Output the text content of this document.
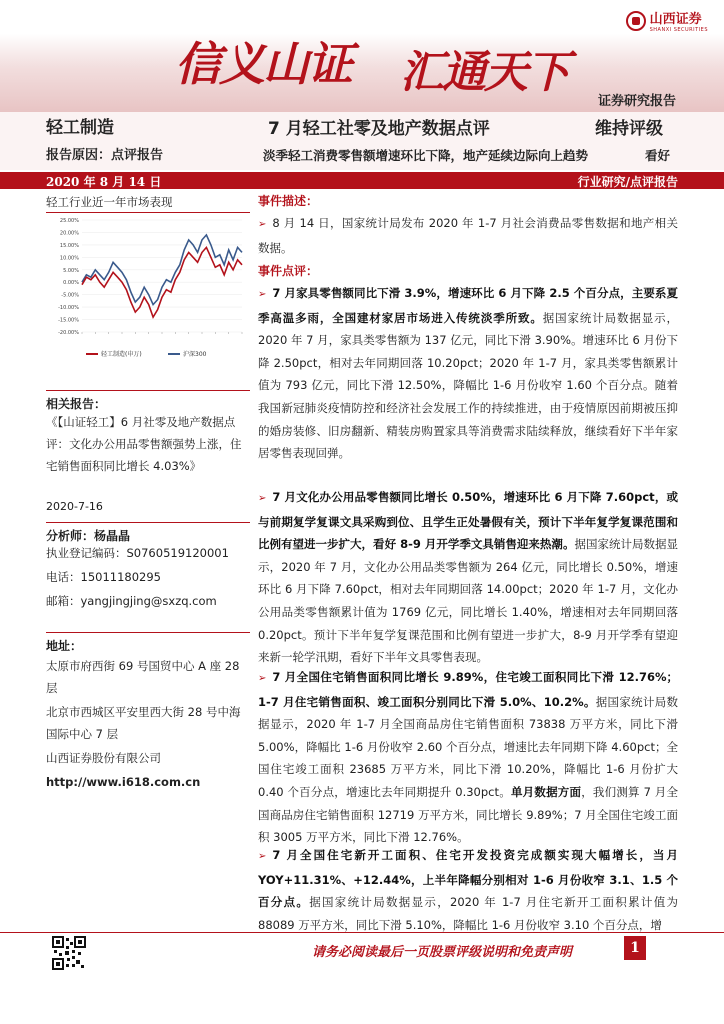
信义山证 汇通天下
山西证券
SHANXI SECURITIES
证券研究报告
轻工制造
报告原因：点评报告
7 月轻工社零及地产数据点评	维持评级
淡季轻工消费零售额增速环比下降，地产延续边际向上趋势	看好
2020 年 8 月 14 日	行业研究/点评报告
轻工行业近一年市场表现
25.00%
20.00%
15.00%
10.00%
5.00%
0.00%
-5.00%
-10.00%
-15.00%
-20.00%
轻工制造(申万)	沪深300
相关报告：
《【山证轻工】6 月社零及地产数据点评：文化办公用品零售额强势上涨，住宅销售面积同比增长 4.03%》
2020-7-16
分析师：杨晶晶
执业登记编码：S0760519120001
电话：15011180295
邮箱：yangjingjing@sxzq.com
地址：
太原市府西街 69 号国贸中心 A 座 28 层
北京市西城区平安里西大街 28 号中海国际中心 7 层
山西证券股份有限公司
http://www.i618.com.cn
事件描述：
➢ 8 月 14 日，国家统计局发布 2020 年 1-7 月社会消费品零售数据和地产相关数据。
事件点评：
➢ 7 月家具零售额同比下滑 3.9%，增速环比 6 月下降 2.5 个百分点，主要系夏季高温多雨，全国建材家居市场进入传统淡季所致。据国家统计局数据显示，2020 年 7 月，家具类零售额为 137 亿元，同比下滑 3.90%。增速环比 6 月份下降 2.50pct，相对去年同期回落 10.20pct；2020 年 1-7 月，家具类零售额累计值为 793 亿元，同比下滑 12.50%，降幅比 1-6 月份收窄 1.60 个百分点。随着我国新冠肺炎疫情防控和经济社会发展工作的持续推进，由于疫情原因前期被压抑的婚房装修、旧房翻新、精装房购置家具等消费需求陆续释放，继续看好下半年家居零售表现回弹。
➢ 7 月文化办公用品零售额同比增长 0.50%，增速环比 6 月下降 7.60pct，或与前期复学复课文具采购到位、且学生正处暑假有关，预计下半年复学复课范围和比例有望进一步扩大，看好 8-9 月开学季文具销售迎来热潮。据国家统计局数据显示，2020 年 7 月，文化办公用品类零售额为 264 亿元，同比增长 0.50%，增速环比 6 月下降 7.60pct，相对去年同期回落 14.00pct；2020 年 1-7 月，文化办公用品类零售额累计值为 1769 亿元，同比增长 1.40%，增速相对去年同期回落 0.20pct。预计下半年复学复课范围和比例有望进一步扩大，8-9 月开学季有望迎来新一轮学汛期，看好下半年文具零售表现。
➢ 7 月全国住宅销售面积同比增长 9.89%，住宅竣工面积同比下滑 12.76%；1-7 月住宅销售面积、竣工面积分别同比下滑 5.0%、10.2%。据国家统计局数据显示，2020 年 1-7 月全国商品房住宅销售面积 73838 万平方米，同比下滑 5.00%，降幅比 1-6 月份收窄 2.60 个百分点，增速比去年同期下降 4.60pct；全国住宅竣工面积 23685 万平方米，同比下滑 10.20%，降幅比 1-6 月份扩大 0.40 个百分点，增速比去年同期提升 0.30pct。单月数据方面，我们测算 7 月全国商品房住宅销售面积 12719 万平方米，同比增长 9.89%；7 月全国住宅竣工面积 3005 万平方米，同比下滑 12.76%。
➢ 7 月全国住宅新开工面积、住宅开发投资完成额实现大幅增长，当月 YOY+11.31%、+12.44%，上半年降幅分别相对 1-6 月份收窄 3.1、1.5 个百分点。据国家统计局数据显示，2020 年 1-7 月住宅新开工面积累计值为 88089 万平方米，同比下滑 5.10%，降幅比 1-6 月份收窄 3.10 个百分点，增
请务必阅读最后一页股票评级说明和免责声明	1
